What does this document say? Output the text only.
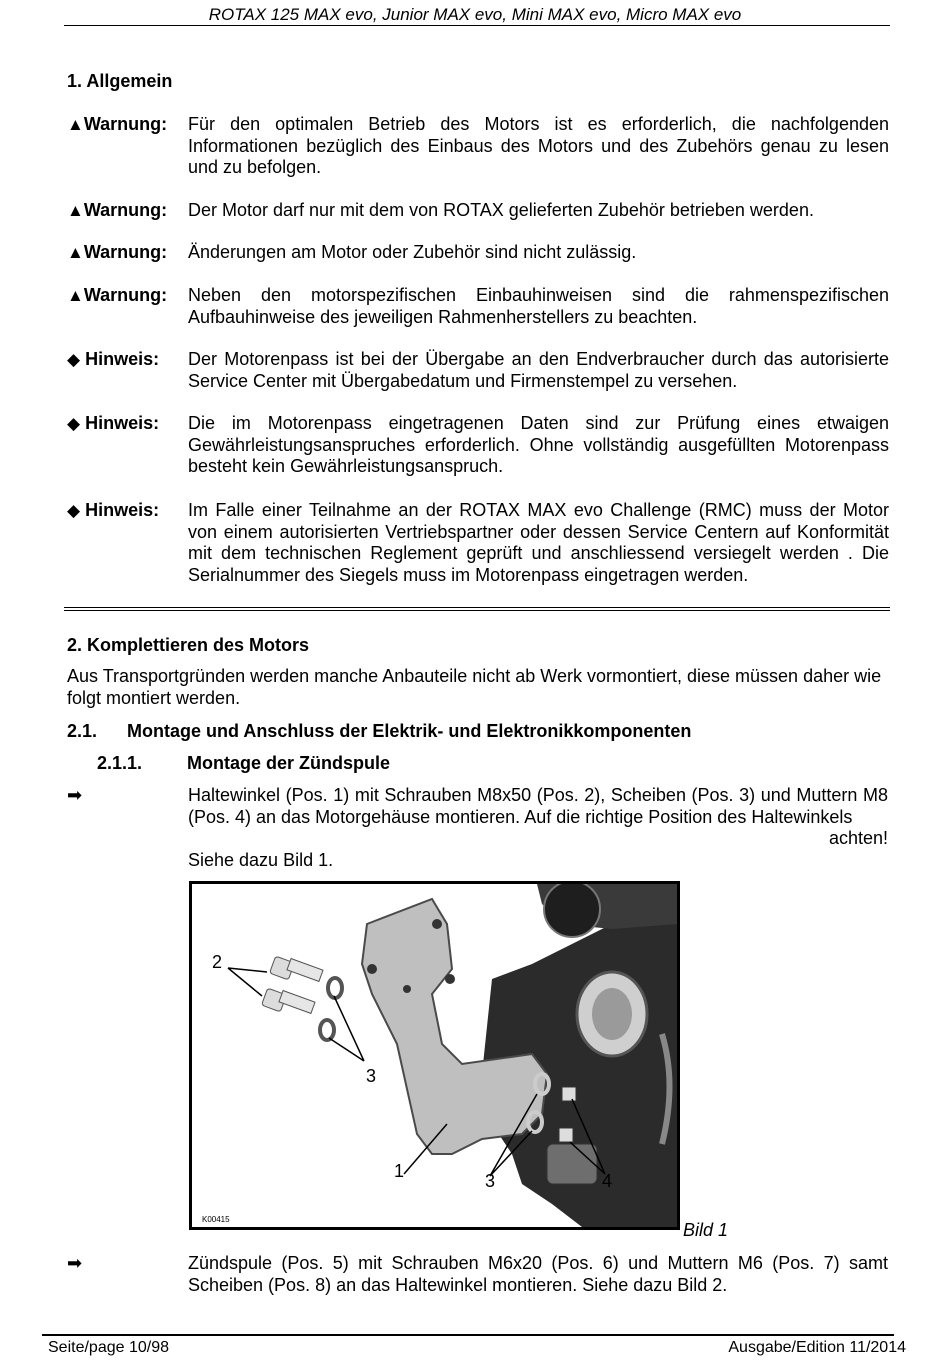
ROTAX 125 MAX evo, Junior MAX evo, Mini MAX evo, Micro MAX evo
1. Allgemein
▲Warnung: Für den optimalen Betrieb des Motors ist es erforderlich, die nachfolgenden Informationen bezüglich des Einbaus des Motors und des Zubehörs genau zu lesen und zu befolgen.
▲Warnung: Der Motor darf nur mit dem von ROTAX gelieferten Zubehör betrieben werden.
▲Warnung: Änderungen am Motor oder Zubehör sind nicht zulässig.
▲Warnung: Neben den motorspezifischen Einbauhinweisen sind die rahmenspezifischen Aufbauhinweise des jeweiligen Rahmenherstellers zu beachten.
◆ Hinweis: Der Motorenpass ist bei der Übergabe an den Endverbraucher durch das autorisierte Service Center mit Übergabedatum und Firmenstempel zu versehen.
◆ Hinweis: Die im Motorenpass eingetragenen Daten sind zur Prüfung eines etwaigen Gewährleistungsanspruches erforderlich. Ohne vollständig ausgefüllten Motorenpass besteht kein Gewährleistungsanspruch.
◆ Hinweis: Im Falle einer Teilnahme an der ROTAX MAX evo Challenge (RMC) muss der Motor von einem autorisierten Vertriebspartner oder dessen Service Centern auf Konformität mit dem technischen Reglement geprüft und anschliessend versiegelt werden . Die Serialnummer des Siegels muss im Motorenpass eingetragen werden.
2. Komplettieren des Motors
Aus Transportgründen werden manche Anbauteile nicht ab Werk vormontiert, diese müssen daher wie folgt montiert werden.
2.1. Montage und Anschluss der Elektrik- und Elektronikkomponenten
2.1.1. Montage der Zündspule
➡	Haltewinkel (Pos. 1) mit Schrauben M8x50 (Pos. 2), Scheiben (Pos. 3) und Muttern M8 (Pos. 4) an das Motorgehäuse montieren. Auf die richtige Position des Haltewinkels
achten!
Siehe dazu Bild 1.
2
3
1	3	4
K00415
Bild 1
➡	Zündspule (Pos. 5) mit Schrauben M6x20 (Pos. 6) und Muttern M6 (Pos. 7) samt Scheiben (Pos. 8) an das Haltewinkel montieren. Siehe dazu Bild 2.
Seite/page 10/98	Ausgabe/Edition 11/2014
